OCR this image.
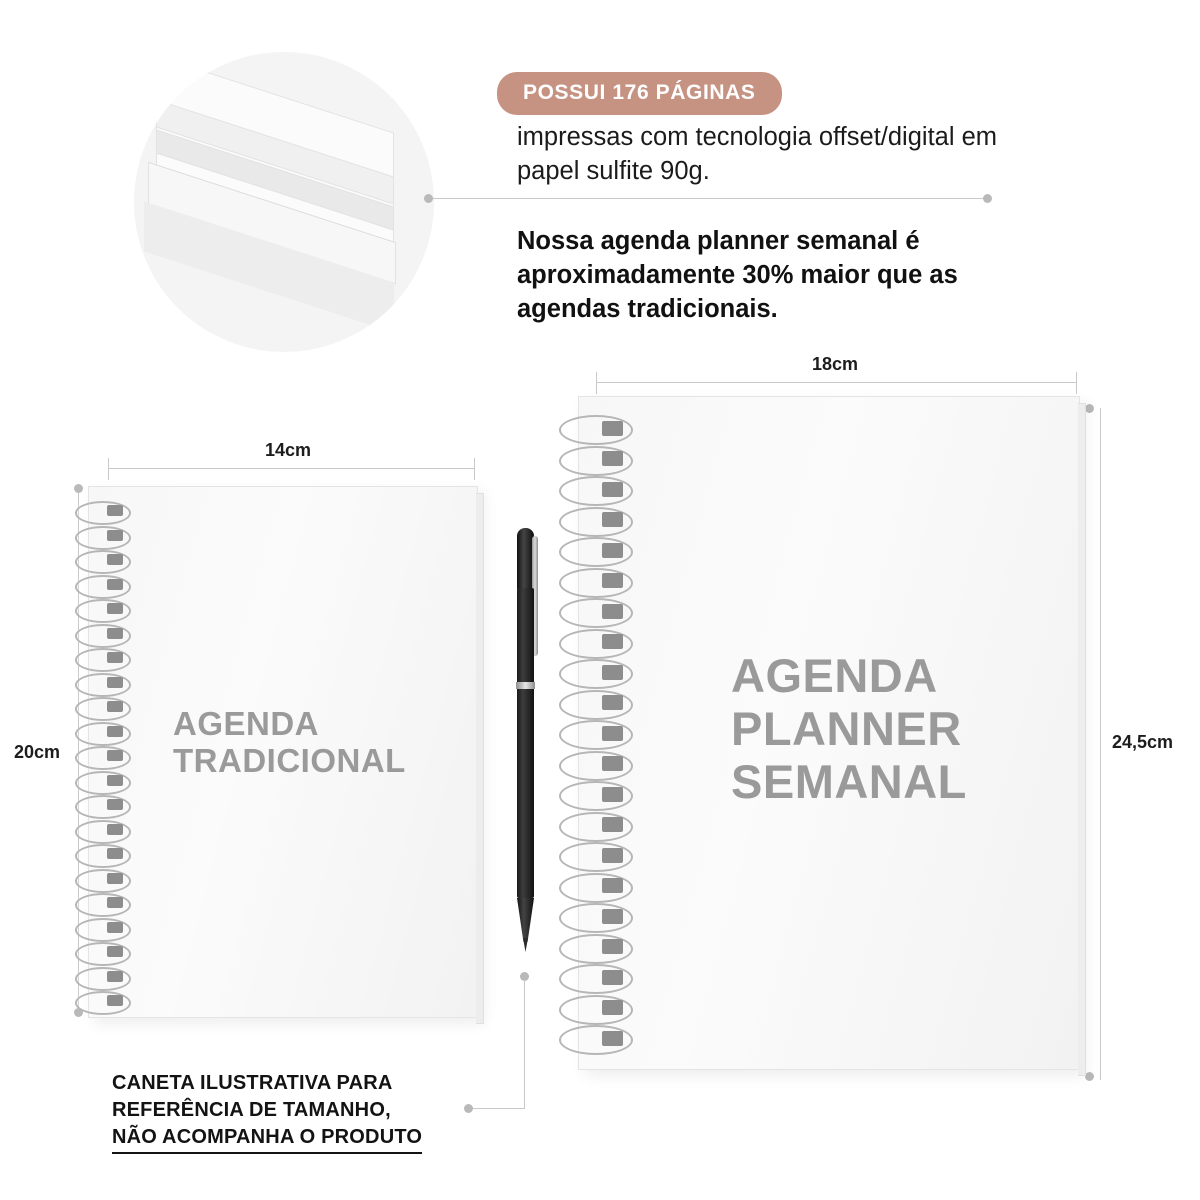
POSSUI 176 PÁGINAS
impressas com tecnologia offset/digital em papel sulfite 90g.
Nossa agenda planner semanal é aproximadamente 30% maior que as agendas tradicionais.
14cm
20cm
AGENDA
TRADICIONAL
18cm
24,5cm
AGENDA
PLANNER
SEMANAL
CANETA ILUSTRATIVA PARA
REFERÊNCIA DE TAMANHO,
NÃO ACOMPANHA O PRODUTO
